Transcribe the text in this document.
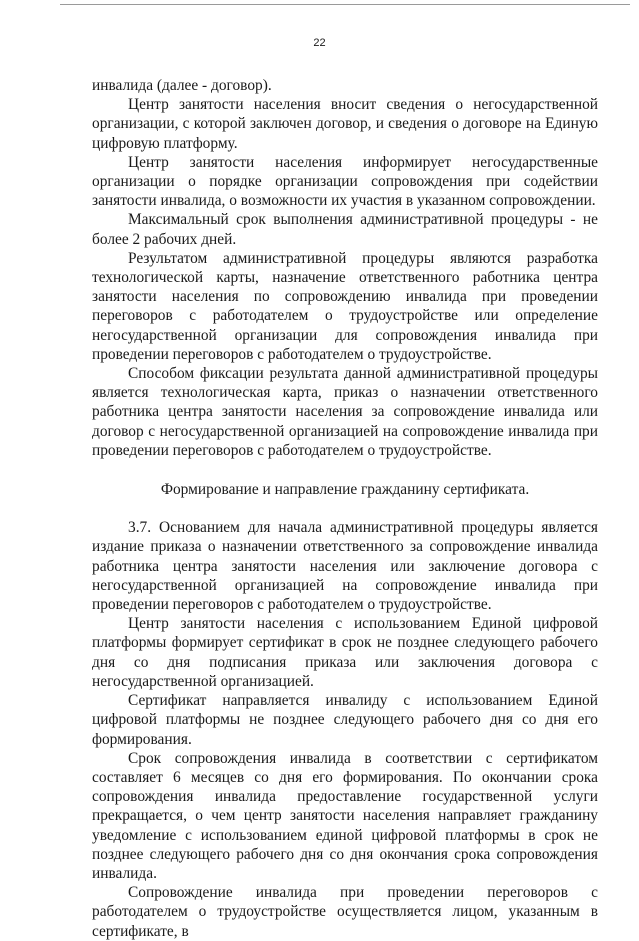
22

инвалида (далее - договор).

Центр занятости населения вносит сведения о негосударственной организации, с которой заключен договор, и сведения о договоре на Единую цифровую платформу.

Центр занятости населения информирует негосударственные организации о порядке организации сопровождения при содействии занятости инвалида, о возможности их участия в указанном сопровождении.

Максимальный срок выполнения административной процедуры - не более 2 рабочих дней.

Результатом административной процедуры являются разработка технологической карты, назначение ответственного работника центра занятости населения по сопровождению инвалида при проведении переговоров с работодателем о трудоустройстве или определение негосударственной организации для сопровождения инвалида при проведении переговоров с работодателем о трудоустройстве.

Способом фиксации результата данной административной процедуры является технологическая карта, приказ о назначении ответственного работника центра занятости населения за сопровождение инвалида или договор с негосударственной организацией на сопровождение инвалида при проведении переговоров с работодателем о трудоустройстве.

Формирование и направление гражданину сертификата.

3.7. Основанием для начала административной процедуры является издание приказа о назначении ответственного за сопровождение инвалида работника центра занятости населения или заключение договора с негосударственной организацией на сопровождение инвалида при проведении переговоров с работодателем о трудоустройстве.

Центр занятости населения с использованием Единой цифровой платформы формирует сертификат в срок не позднее следующего рабочего дня со дня подписания приказа или заключения договора с негосударственной организацией.

Сертификат направляется инвалиду с использованием Единой цифровой платформы не позднее следующего рабочего дня со дня его формирования.

Срок сопровождения инвалида в соответствии с сертификатом составляет 6 месяцев со дня его формирования. По окончании срока сопровождения инвалида предоставление государственной услуги прекращается, о чем центр занятости населения направляет гражданину уведомление с использованием единой цифровой платформы в срок не позднее следующего рабочего дня со дня окончания срока сопровождения инвалида.

Сопровождение инвалида при проведении переговоров с работодателем о трудоустройстве осуществляется лицом, указанным в сертификате, в
